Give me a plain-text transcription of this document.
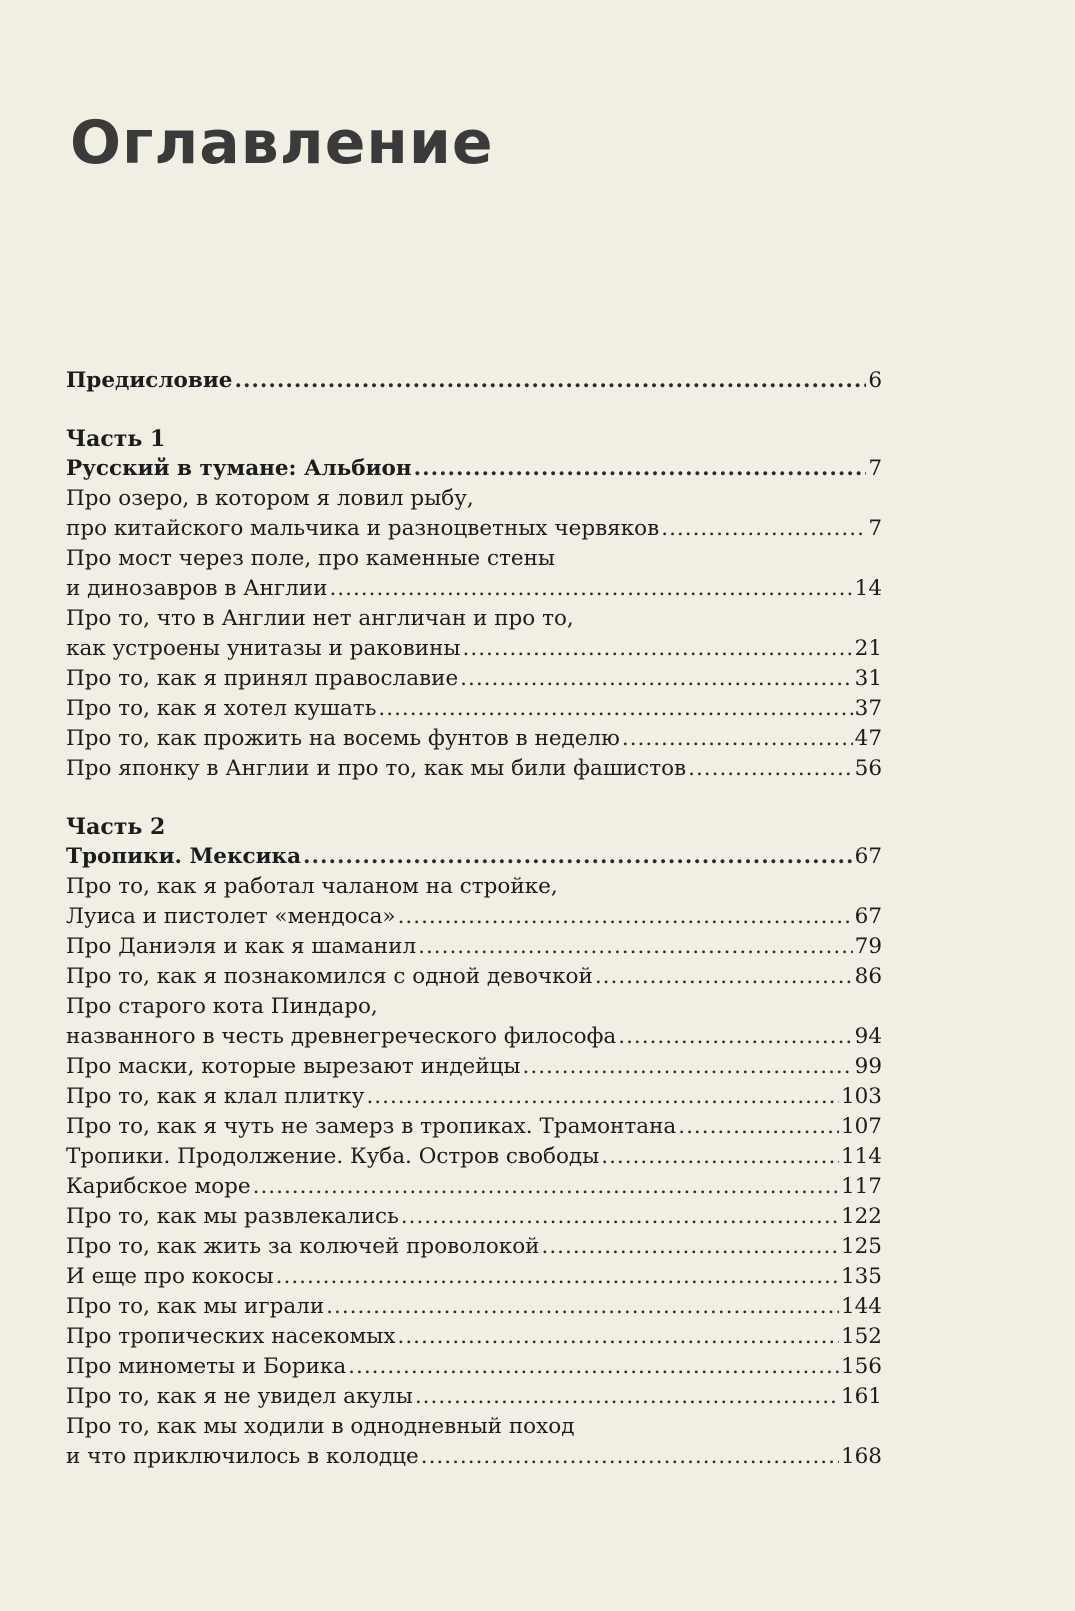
Оглавление
Предисловие .....	6
Часть 1
Русский в тумане: Альбион .....	7
Про озеро, в котором я ловил рыбу,
про китайского мальчика и разноцветных червяков .....	7
Про мост через поле, про каменные стены
и динозавров в Англии .....	14
Про то, что в Англии нет англичан и про то,
как устроены унитазы и раковины .....	21
Про то, как я принял православие .....	31
Про то, как я хотел кушать .....	37
Про то, как прожить на восемь фунтов в неделю .....	47
Про японку в Англии и про то, как мы били фашистов .....	56
Часть 2
Тропики. Мексика .....	67
Про то, как я работал чаланом на стройке,
Луиса и пистолет «мендоса» .....	67
Про Даниэля и как я шаманил .....	79
Про то, как я познакомился с одной девочкой .....	86
Про старого кота Пиндаро,
названного в честь древнегреческого философа .....	94
Про маски, которые вырезают индейцы .....	99
Про то, как я клал плитку .....	103
Про то, как я чуть не замерз в тропиках. Трамонтана .....	107
Тропики. Продолжение. Куба. Остров свободы .....	114
Карибское море .....	117
Про то, как мы развлекались .....	122
Про то, как жить за колючей проволокой .....	125
И еще про кокосы .....	135
Про то, как мы играли .....	144
Про тропических насекомых .....	152
Про минометы и Борика .....	156
Про то, как я не увидел акулы .....	161
Про то, как мы ходили в однодневный поход
и что приключилось в колодце .....	168
